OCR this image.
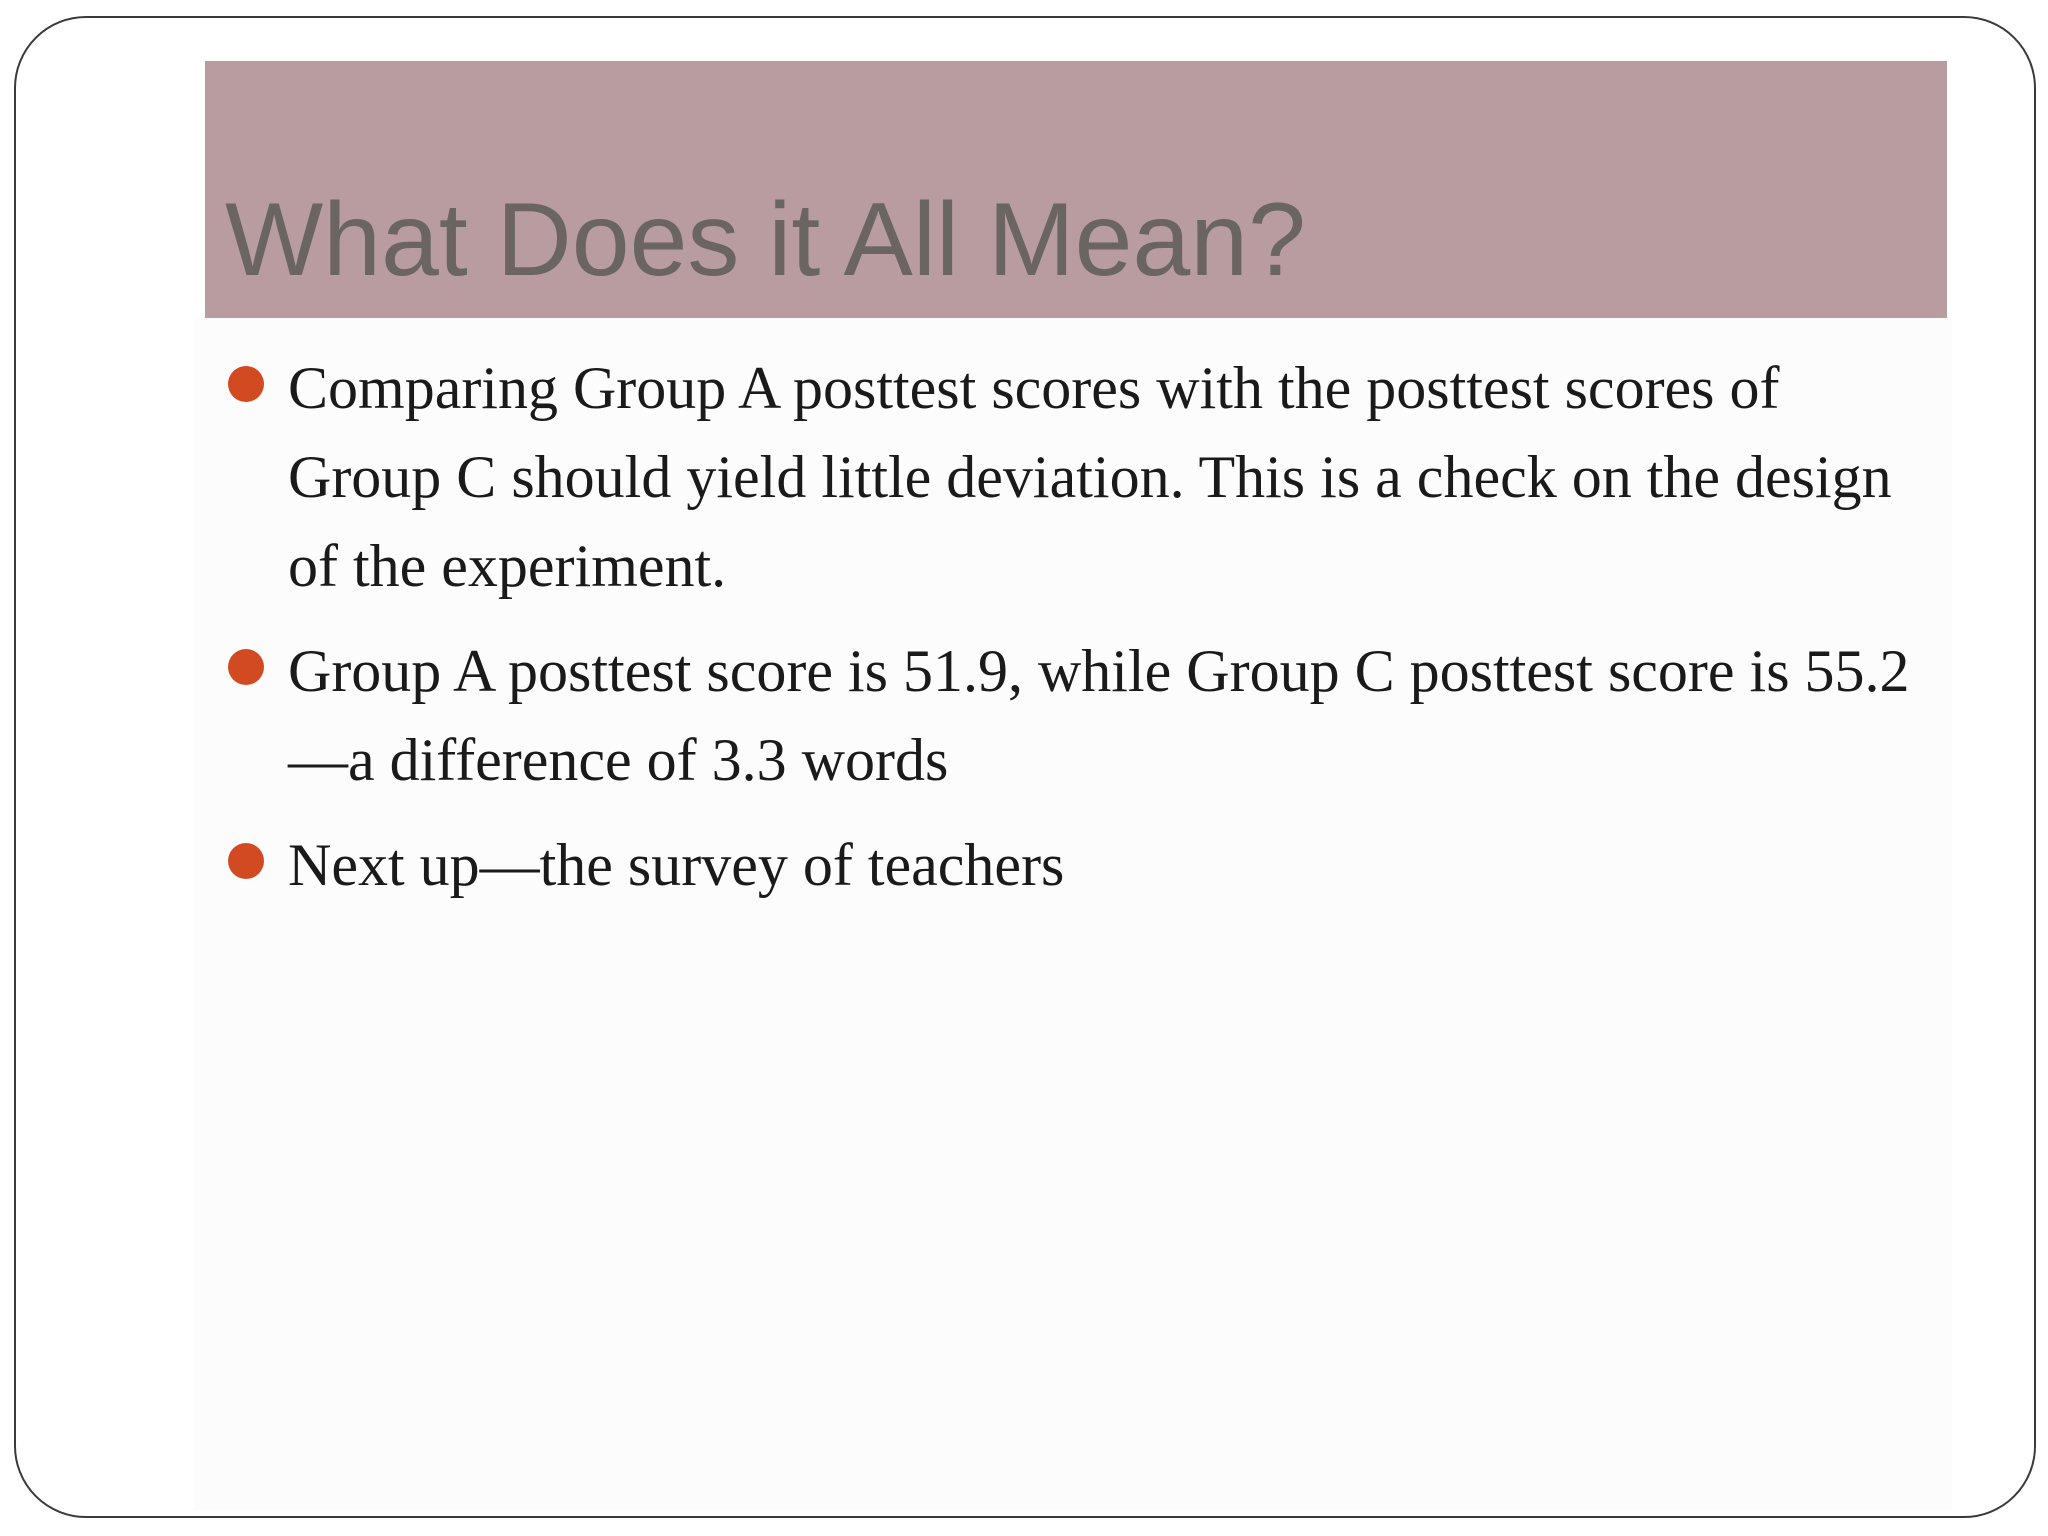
What Does it All Mean?
Comparing Group A posttest scores with the posttest scores of Group C should yield little deviation. This is a check on the design of the experiment.
Group A posttest score is 51.9, while Group C posttest score is 55.2—a difference of 3.3 words
Next up—the survey of teachers
